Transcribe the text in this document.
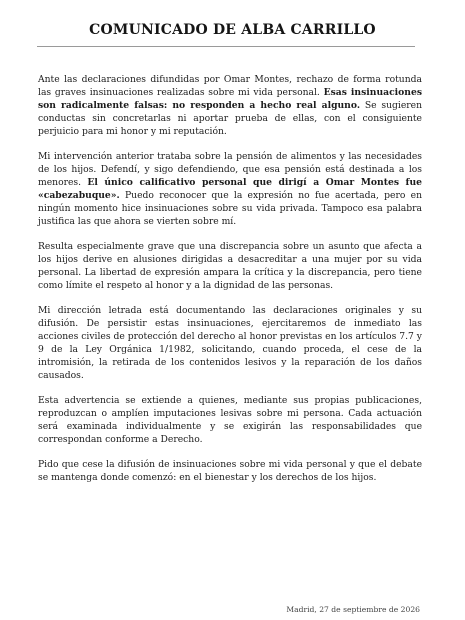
COMUNICADO DE ALBA CARRILLO

Ante las declaraciones difundidas por Omar Montes, rechazo de forma rotunda las graves insinuaciones realizadas sobre mi vida personal. Esas insinuaciones son radicalmente falsas: no responden a hecho real alguno. Se sugieren conductas sin concretarlas ni aportar prueba de ellas, con el consiguiente perjuicio para mi honor y mi reputación.

Mi intervención anterior trataba sobre la pensión de alimentos y las necesidades de los hijos. Defendí, y sigo defendiendo, que esa pensión está destinada a los menores. El único calificativo personal que dirigí a Omar Montes fue «cabezabuque». Puedo reconocer que la expresión no fue acertada, pero en ningún momento hice insinuaciones sobre su vida privada. Tampoco esa palabra justifica las que ahora se vierten sobre mí.

Resulta especialmente grave que una discrepancia sobre un asunto que afecta a los hijos derive en alusiones dirigidas a desacreditar a una mujer por su vida personal. La libertad de expresión ampara la crítica y la discrepancia, pero tiene como límite el respeto al honor y a la dignidad de las personas.

Mi dirección letrada está documentando las declaraciones originales y su difusión. De persistir estas insinuaciones, ejercitaremos de inmediato las acciones civiles de protección del derecho al honor previstas en los artículos 7.7 y 9 de la Ley Orgánica 1/1982, solicitando, cuando proceda, el cese de la intromisión, la retirada de los contenidos lesivos y la reparación de los daños causados.

Esta advertencia se extiende a quienes, mediante sus propias publicaciones, reproduzcan o amplíen imputaciones lesivas sobre mi persona. Cada actuación será examinada individualmente y se exigirán las responsabilidades que correspondan conforme a Derecho.

Pido que cese la difusión de insinuaciones sobre mi vida personal y que el debate se mantenga donde comenzó: en el bienestar y los derechos de los hijos.

Madrid, 27 de septiembre de 2026
